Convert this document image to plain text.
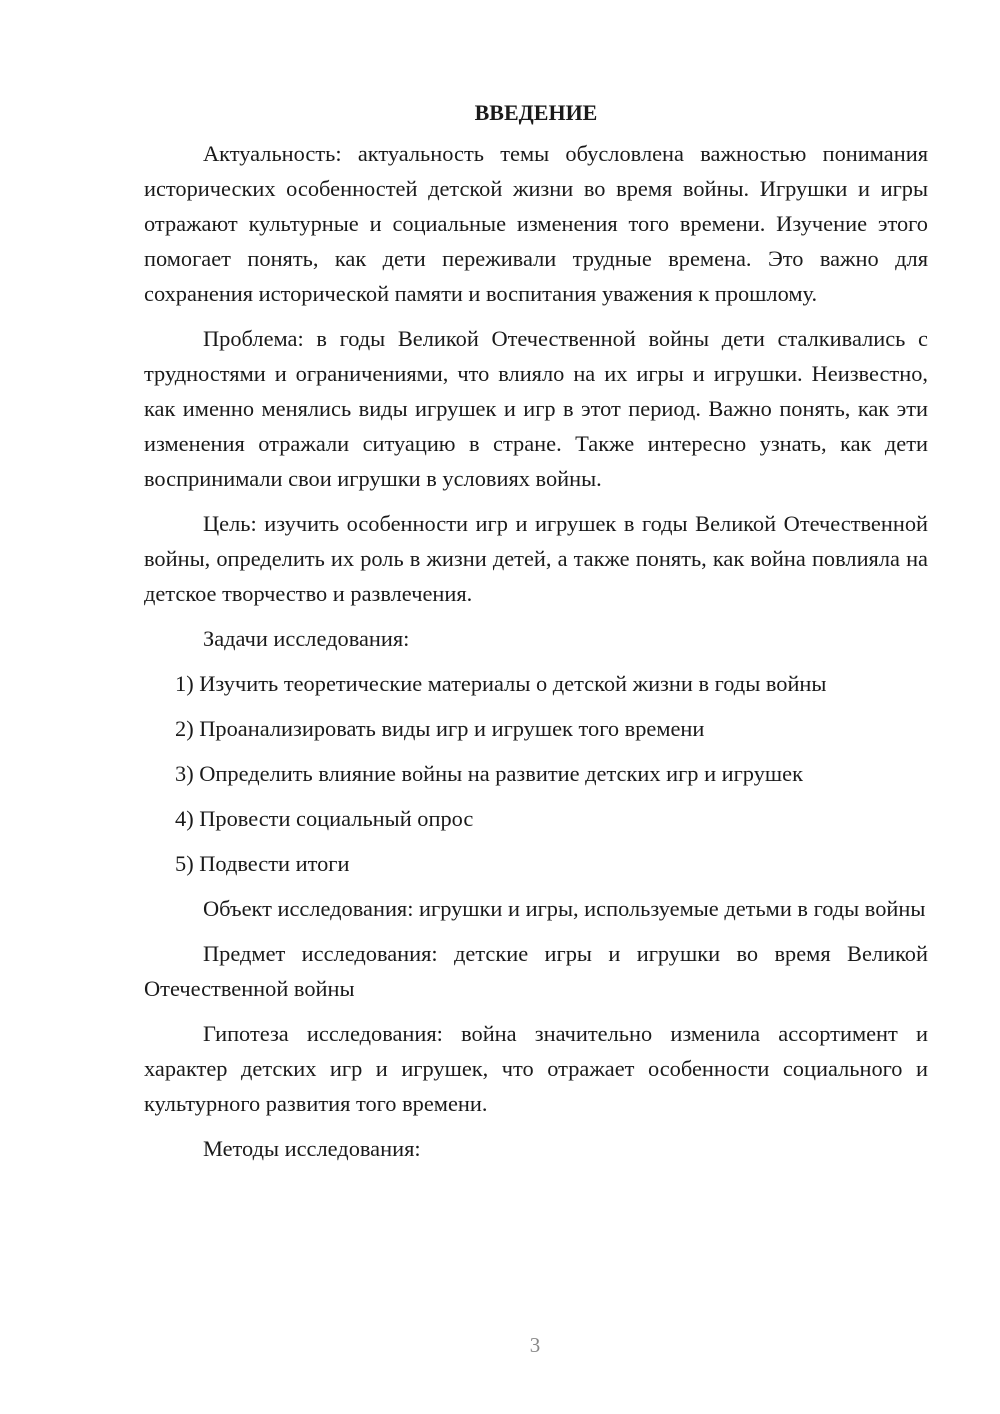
ВВЕДЕНИЕ

Актуальность: актуальность темы обусловлена важностью понимания исторических особенностей детской жизни во время войны. Игрушки и игры отражают культурные и социальные изменения того времени. Изучение этого помогает понять, как дети переживали трудные времена. Это важно для сохранения исторической памяти и воспитания уважения к прошлому.

Проблема: в годы Великой Отечественной войны дети сталкивались с трудностями и ограничениями, что влияло на их игры и игрушки. Неизвестно, как именно менялись виды игрушек и игр в этот период. Важно понять, как эти изменения отражали ситуацию в стране. Также интересно узнать, как дети воспринимали свои игрушки в условиях войны.

Цель: изучить особенности игр и игрушек в годы Великой Отечественной войны, определить их роль в жизни детей, а также понять, как война повлияла на детское творчество и развлечения.

Задачи исследования:

1) Изучить теоретические материалы о детской жизни в годы войны

2) Проанализировать виды игр и игрушек того времени

3) Определить влияние войны на развитие детских игр и игрушек

4) Провести социальный опрос

5) Подвести итоги

Объект исследования: игрушки и игры, используемые детьми в годы войны

Предмет исследования: детские игры и игрушки во время Великой Отечественной войны

Гипотеза исследования: война значительно изменила ассортимент и характер детских игр и игрушек, что отражает особенности социального и культурного развития того времени.

Методы исследования:

3
